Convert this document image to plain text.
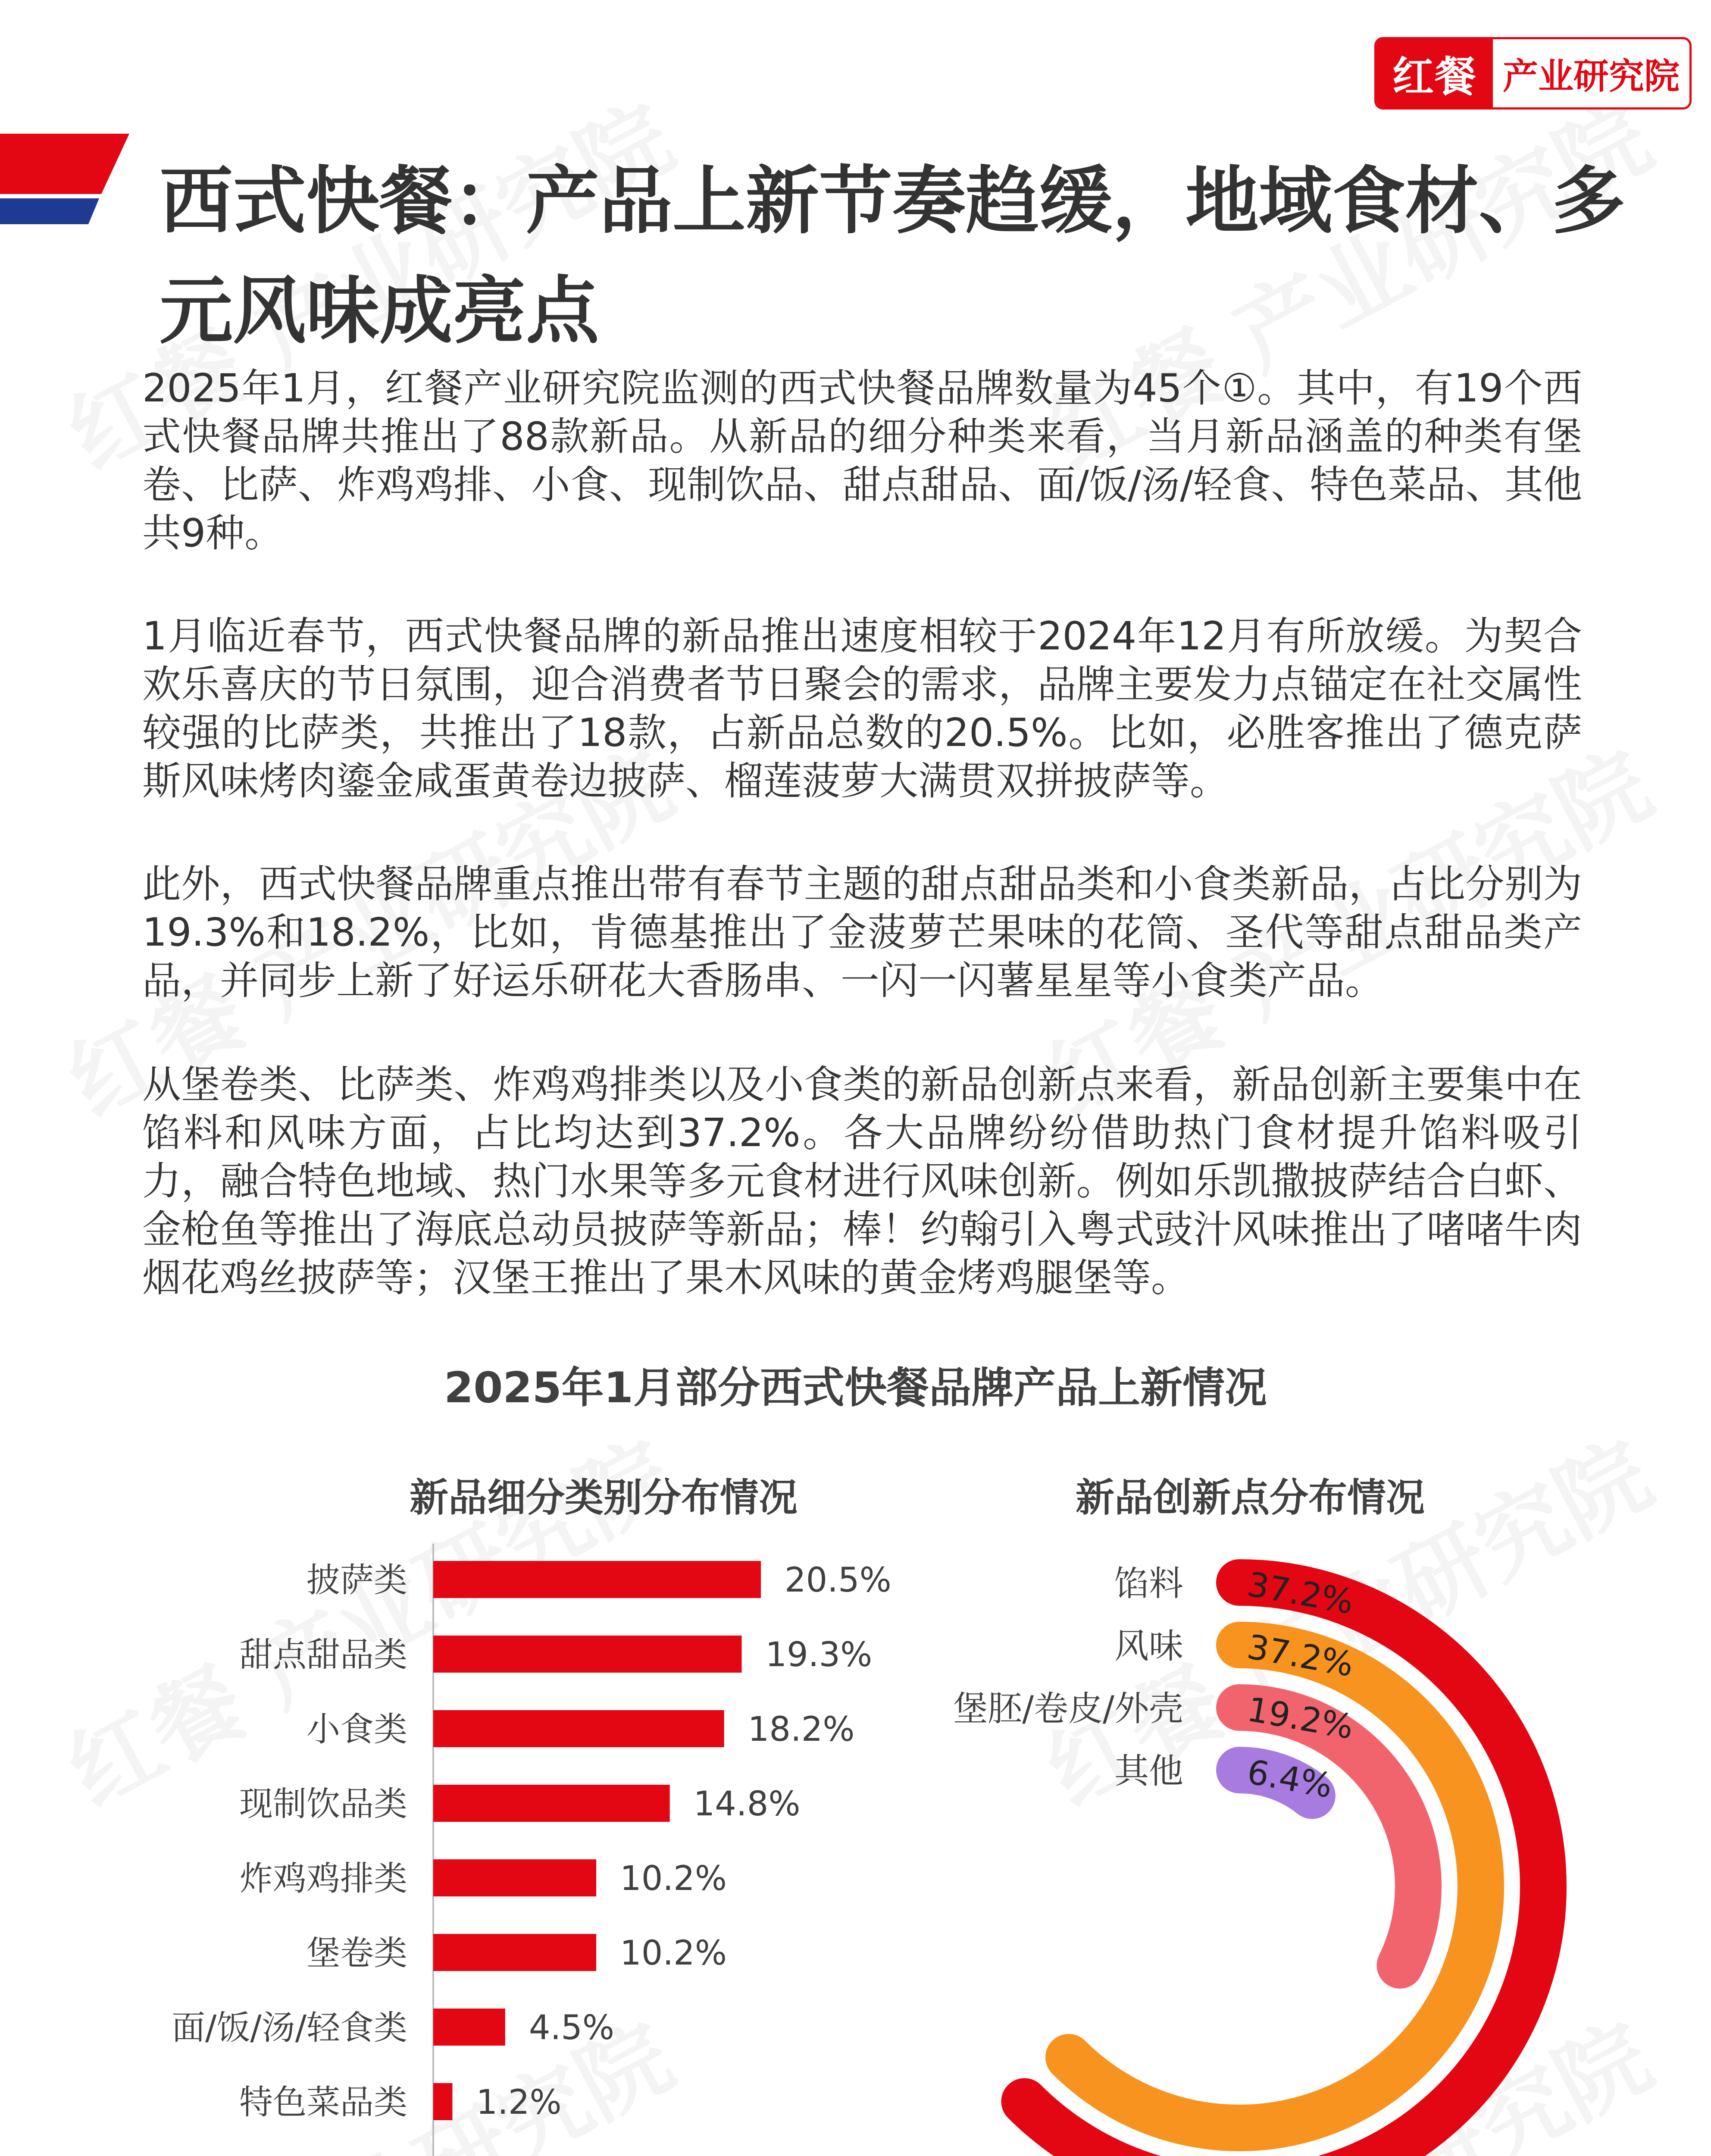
红餐 产业研究院
西式快餐：产品上新节奏趋缓，地域食材、多元风味成亮点

2025年1月，红餐产业研究院监测的西式快餐品牌数量为45个①。其中，有19个西式快餐品牌共推出了88款新品。从新品的细分种类来看，当月新品涵盖的种类有堡卷、比萨、炸鸡鸡排、小食、现制饮品、甜点甜品、面/饭/汤/轻食、特色菜品、其他共9种。

1月临近春节，西式快餐品牌的新品推出速度相较于2024年12月有所放缓。为契合欢乐喜庆的节日氛围，迎合消费者节日聚会的需求，品牌主要发力点锚定在社交属性较强的比萨类，共推出了18款，占新品总数的20.5%。比如，必胜客推出了德克萨斯风味烤肉鎏金咸蛋黄卷边披萨、榴莲菠萝大满贯双拼披萨等。

此外，西式快餐品牌重点推出带有春节主题的甜点甜品类和小食类新品，占比分别为19.3%和18.2%，比如，肯德基推出了金菠萝芒果味的花筒、圣代等甜点甜品类产品，并同步上新了好运乐研花大香肠串、一闪一闪薯星星等小食类产品。

从堡卷类、比萨类、炸鸡鸡排类以及小食类的新品创新点来看，新品创新主要集中在馅料和风味方面，占比均达到37.2%。各大品牌纷纷借助热门食材提升馅料吸引力，融合特色地域、热门水果等多元食材进行风味创新。例如乐凯撒披萨结合白虾、金枪鱼等推出了海底总动员披萨等新品；棒！约翰引入粤式豉汁风味推出了啫啫牛肉烟花鸡丝披萨等；汉堡王推出了果木风味的黄金烤鸡腿堡等。

2025年1月部分西式快餐品牌产品上新情况
新品细分类别分布情况	新品创新点分布情况
披萨类	20.5%
甜点甜品类	19.3%
小食类	18.2%
现制饮品类	14.8%
炸鸡鸡排类	10.2%
堡卷类	10.2%
面/饭/汤/轻食类	4.5%
特色菜品类 1.2%
37.2%
馅料
37.2%
风味
19.2%
堡胚/卷皮/外壳
6.4%
其他
